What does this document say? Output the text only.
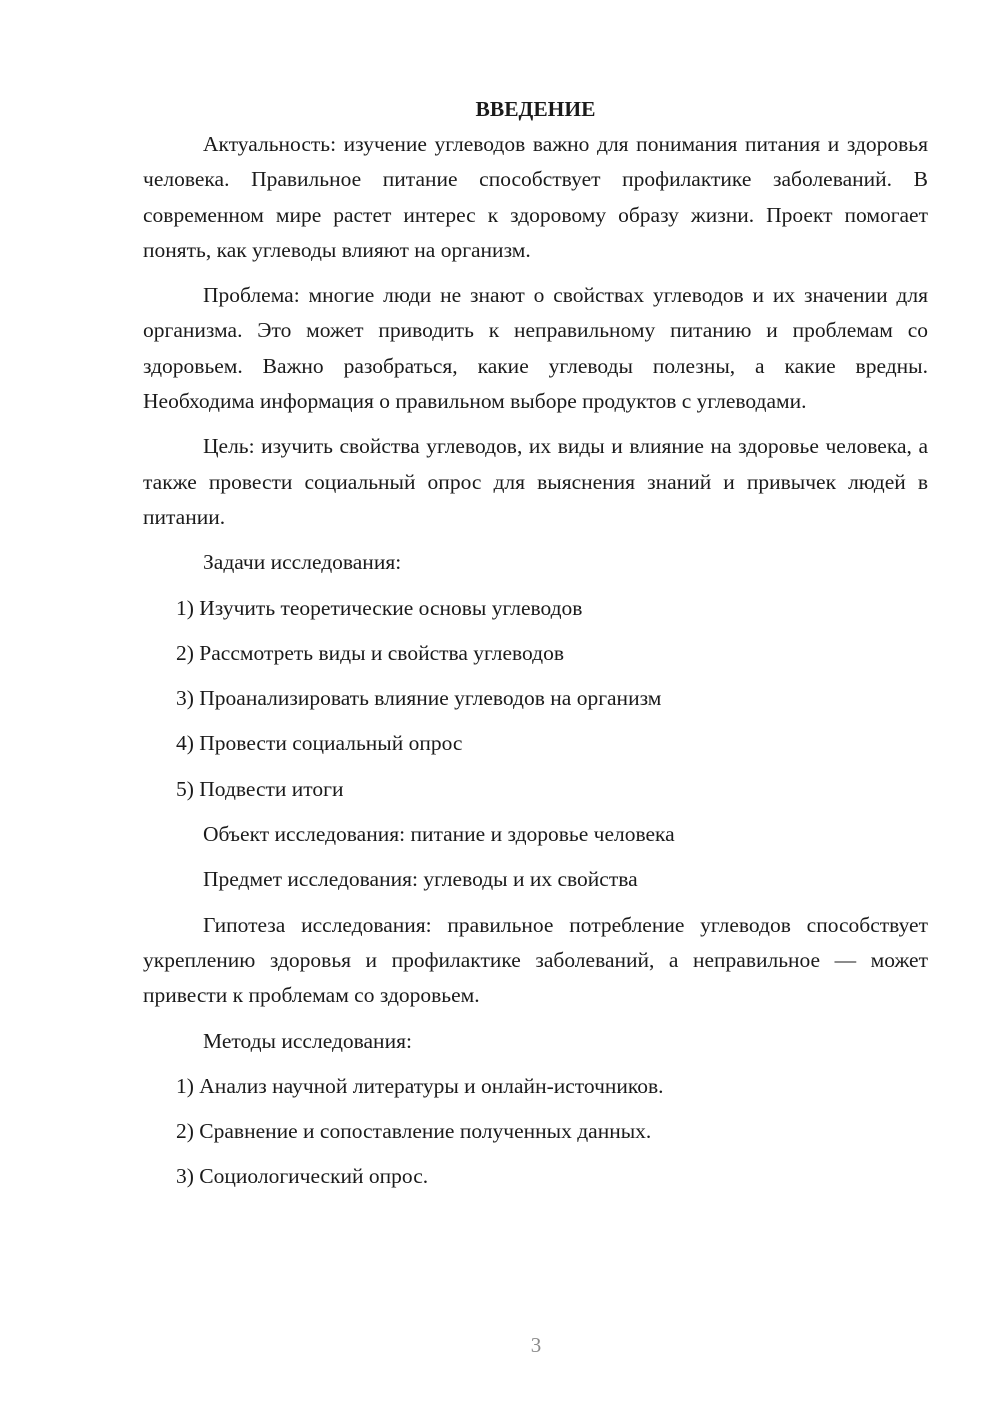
ВВЕДЕНИЕ

Актуальность: изучение углеводов важно для понимания питания и здоровья человека. Правильное питание способствует профилактике заболеваний. В современном мире растет интерес к здоровому образу жизни. Проект помогает понять, как углеводы влияют на организм.

Проблема: многие люди не знают о свойствах углеводов и их значении для организма. Это может приводить к неправильному питанию и проблемам со здоровьем. Важно разобраться, какие углеводы полезны, а какие вредны. Необходима информация о правильном выборе продуктов с углеводами.

Цель: изучить свойства углеводов, их виды и влияние на здоровье человека, а также провести социальный опрос для выяснения знаний и привычек людей в питании.

Задачи исследования:

1) Изучить теоретические основы углеводов
2) Рассмотреть виды и свойства углеводов
3) Проанализировать влияние углеводов на организм
4) Провести социальный опрос
5) Подвести итоги

Объект исследования: питание и здоровье человека

Предмет исследования: углеводы и их свойства

Гипотеза исследования: правильное потребление углеводов способствует укреплению здоровья и профилактике заболеваний, а неправильное — может привести к проблемам со здоровьем.

Методы исследования:

1) Анализ научной литературы и онлайн-источников.
2) Сравнение и сопоставление полученных данных.
3) Социологический опрос.
3
